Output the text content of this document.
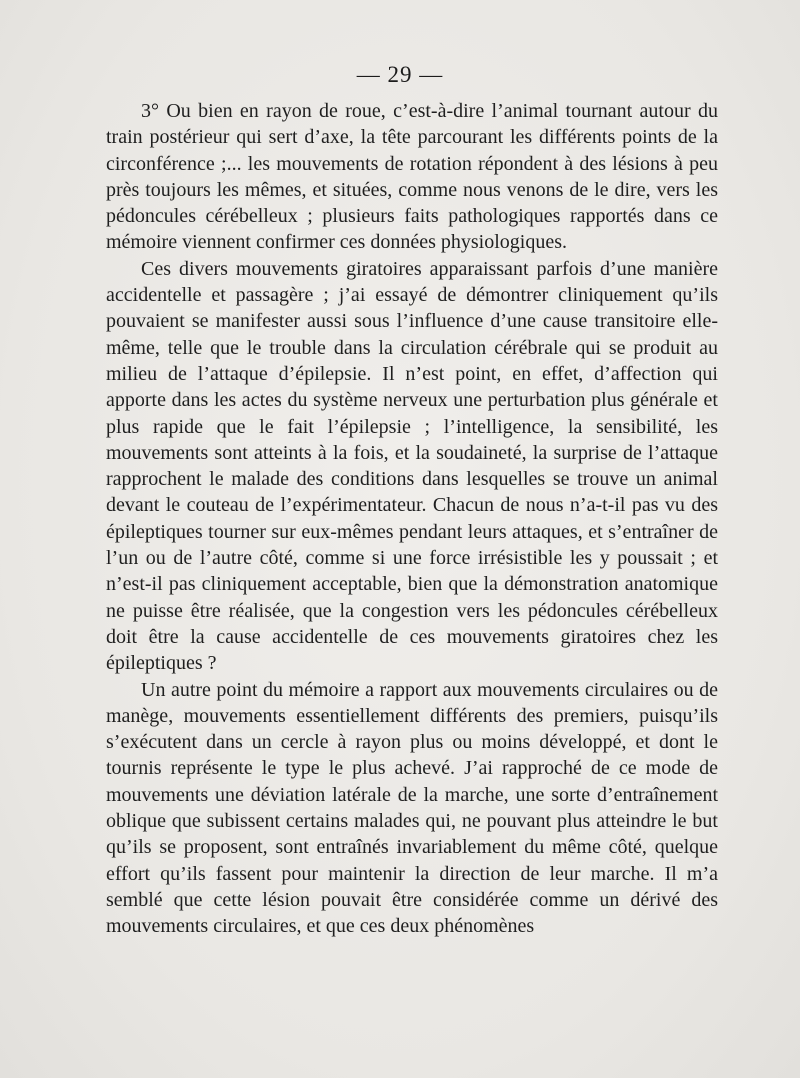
— 29 —

3° Ou bien en rayon de roue, c’est-à-dire l’animal tournant autour du train postérieur qui sert d’axe, la tête parcourant les différents points de la circonférence ;... les mouvements de rotation répondent à des lésions à peu près toujours les mêmes, et situées, comme nous venons de le dire, vers les pédoncules cérébelleux ; plusieurs faits pathologiques rapportés dans ce mémoire viennent confirmer ces données physiologiques.

Ces divers mouvements giratoires apparaissant parfois d’une manière accidentelle et passagère ; j’ai essayé de démontrer cliniquement qu’ils pouvaient se manifester aussi sous l’influence d’une cause transitoire elle-même, telle que le trouble dans la circulation cérébrale qui se produit au milieu de l’attaque d’épilepsie. Il n’est point, en effet, d’affection qui apporte dans les actes du système nerveux une perturbation plus générale et plus rapide que le fait l’épilepsie ; l’intelligence, la sensibilité, les mouvements sont atteints à la fois, et la soudaineté, la surprise de l’attaque rapprochent le malade des conditions dans lesquelles se trouve un animal devant le couteau de l’expérimentateur. Chacun de nous n’a-t-il pas vu des épileptiques tourner sur eux-mêmes pendant leurs attaques, et s’entraîner de l’un ou de l’autre côté, comme si une force irrésistible les y poussait ; et n’est-il pas cliniquement acceptable, bien que la démonstration anatomique ne puisse être réalisée, que la congestion vers les pédoncules cérébelleux doit être la cause accidentelle de ces mouvements giratoires chez les épileptiques ?

Un autre point du mémoire a rapport aux mouvements circulaires ou de manège, mouvements essentiellement différents des premiers, puisqu’ils s’exécutent dans un cercle à rayon plus ou moins développé, et dont le tournis représente le type le plus achevé. J’ai rapproché de ce mode de mouvements une déviation latérale de la marche, une sorte d’entraînement oblique que subissent certains malades qui, ne pouvant plus atteindre le but qu’ils se proposent, sont entraînés invariablement du même côté, quelque effort qu’ils fassent pour maintenir la direction de leur marche. Il m’a semblé que cette lésion pouvait être considérée comme un dérivé des mouvements circulaires, et que ces deux phénomènes
